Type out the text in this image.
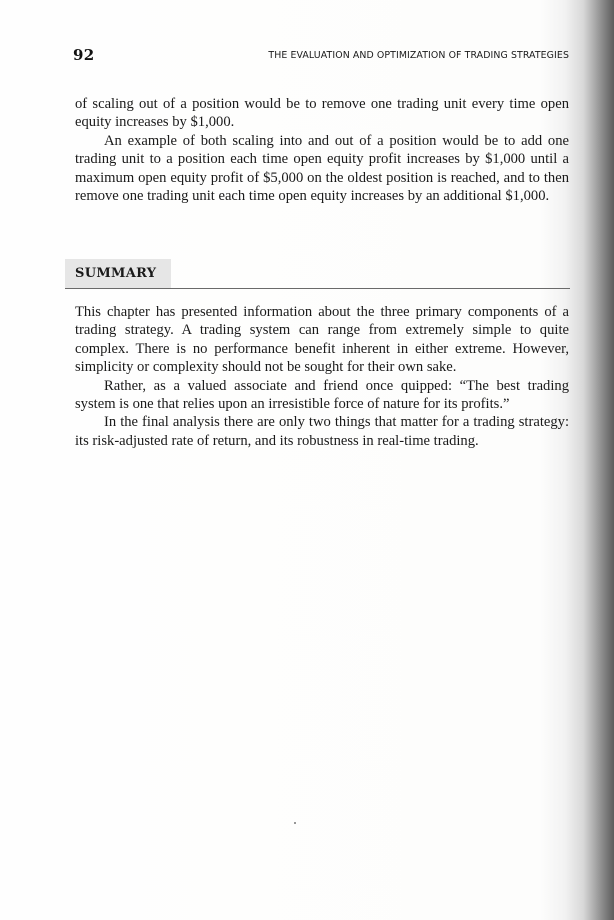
92	THE EVALUATION AND OPTIMIZATION OF TRADING STRATEGIES

of scaling out of a position would be to remove one trading unit every time open equity increases by $1,000.

An example of both scaling into and out of a position would be to add one trading unit to a position each time open equity profit increases by $1,000 until a maximum open equity profit of $5,000 on the oldest position is reached, and to then remove one trading unit each time open equity increases by an additional $1,000.

SUMMARY

This chapter has presented information about the three primary components of a trading strategy. A trading system can range from extremely simple to quite complex. There is no performance benefit inherent in either extreme. However, simplicity or complexity should not be sought for their own sake.

Rather, as a valued associate and friend once quipped: “The best trading system is one that relies upon an irresistible force of nature for its profits.”

In the final analysis there are only two things that matter for a trading strategy: its risk-adjusted rate of return, and its robustness in real-time trading.
